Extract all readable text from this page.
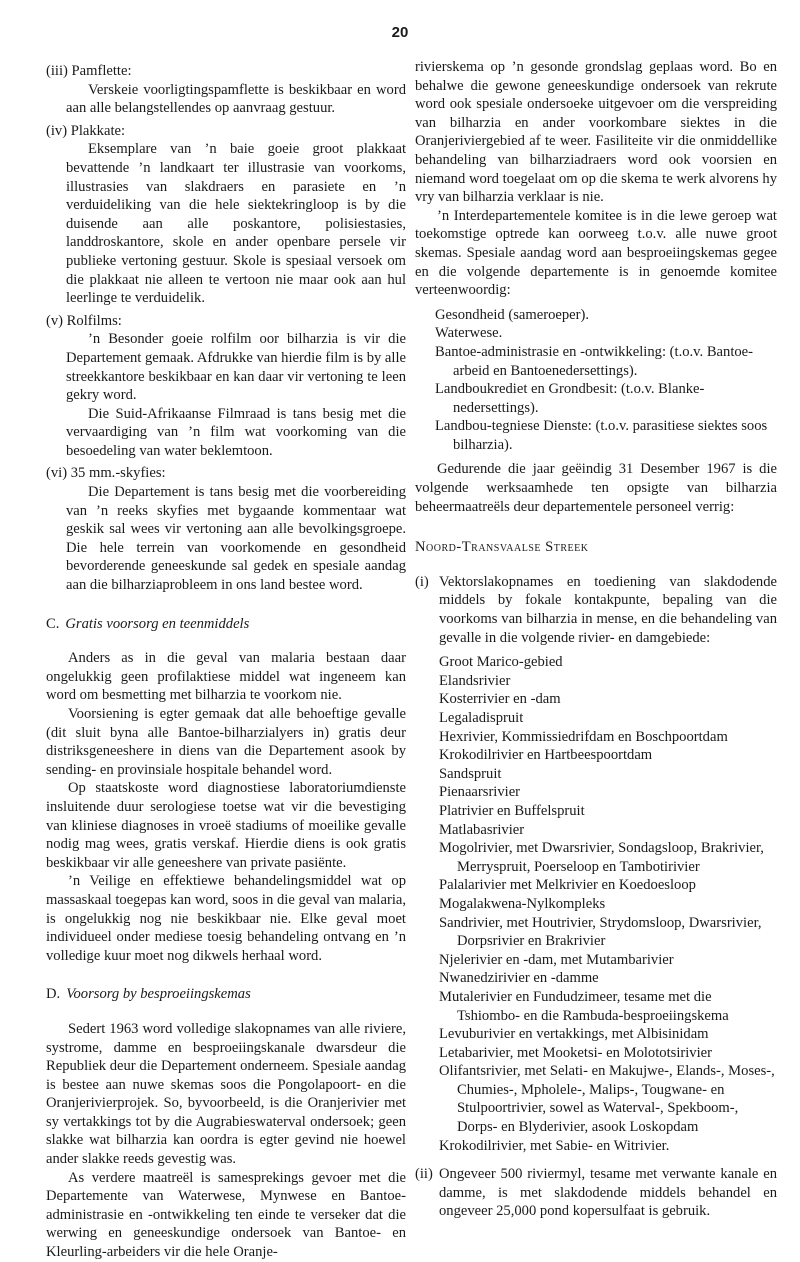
20
(iii) Pamflette:

Verskeie voorligtingspamflette is beskikbaar en word aan alle belangstellendes op aanvraag gestuur.

(iv) Plakkate:

Eksemplare van ’n baie goeie groot plakkaat bevattende ’n landkaart ter illustrasie van voorkoms, illustrasies van slakdraers en parasiete en ’n verduideliking van die hele siektekringloop is by die duisende aan alle poskantore, polisiestasies, landdroskantore, skole en ander openbare persele vir publieke vertoning gestuur. Skole is spesiaal versoek om die plakkaat nie alleen te vertoon nie maar ook aan hul leerlinge te verduidelik.

(v) Rolfilms:

’n Besonder goeie rolfilm oor bilharzia is vir die Departement gemaak. Afdrukke van hierdie film is by alle streekkantore beskikbaar en kan daar vir vertoning te leen gekry word.

Die Suid-Afrikaanse Filmraad is tans besig met die vervaardiging van ’n film wat voorkoming van die besoedeling van water beklemtoon.

(vi) 35 mm.-skyfies:

Die Departement is tans besig met die voorbereiding van ’n reeks skyfies met bygaande kommentaar wat geskik sal wees vir vertoning aan alle bevolkingsgroepe. Die hele terrein van voorkomende en gesondheid bevorderende geneeskunde sal gedek en spesiale aandag aan die bilharziaprobleem in ons land bestee word.

C. Gratis voorsorg en teenmiddels

Anders as in die geval van malaria bestaan daar ongelukkig geen profilaktiese middel wat ingeneem kan word om besmetting met bilharzia te voorkom nie.

Voorsiening is egter gemaak dat alle behoeftige gevalle (dit sluit byna alle Bantoe-bilharzialyers in) gratis deur distriksgeneeshere in diens van die Departement asook by sending- en provinsiale hospitale behandel word.

Op staatskoste word diagnostiese laboratoriumdienste insluitende duur serologiese toetse wat vir die bevestiging van kliniese diagnoses in vroeë stadiums of moeilike gevalle nodig mag wees, gratis verskaf. Hierdie diens is ook gratis beskikbaar vir alle geneeshere van private pasiënte.

’n Veilige en effektiewe behandelingsmiddel wat op massaskaal toegepas kan word, soos in die geval van malaria, is ongelukkig nog nie beskikbaar nie. Elke geval moet individueel onder mediese toesig behandeling ontvang en ’n volledige kuur moet nog dikwels herhaal word.

D. Voorsorg by besproeiingskemas

Sedert 1963 word volledige slakopnames van alle riviere, systrome, damme en besproeiingskanale dwarsdeur die Republiek deur die Departement onderneem. Spesiale aandag is bestee aan nuwe skemas soos die Pongolapoort- en die Oranjerivierprojek. So, byvoorbeeld, is die Oranjerivier met sy vertakkings tot by die Augrabieswaterval ondersoek; geen slakke wat bilharzia kan oordra is egter gevind nie hoewel ander slakke reeds gevestig was.

As verdere maatreël is samesprekings gevoer met die Departemente van Waterwese, Mynwese en Bantoe-administrasie en -ontwikkeling ten einde te verseker dat die werwing en geneeskundige ondersoek van Bantoe- en Kleurling-arbeiders vir die hele Oranje-

rivierskema op ’n gesonde grondslag geplaas word. Bo en behalwe die gewone geneeskundige ondersoek van rekrute word ook spesiale ondersoeke uitgevoer om die verspreiding van bilharzia en ander voorkombare siektes in die Oranjeriviergebied af te weer. Fasiliteite vir die onmiddellike behandeling van bilharziadraers word ook voorsien en niemand word toegelaat om op die skema te werk alvorens hy vry van bilharzia verklaar is nie.

’n Interdepartementele komitee is in die lewe geroep wat toekomstige optrede kan oorweeg t.o.v. alle nuwe groot skemas. Spesiale aandag word aan besproeiingskemas gegee en die volgende departemente is in genoemde komitee verteenwoordig:

Gesondheid (sameroeper).
Waterwese.
Bantoe-administrasie en -ontwikkeling: (t.o.v. Bantoe-arbeid en Bantoenedersettings).
Landboukrediet en Grondbesit: (t.o.v. Blanke-nedersettings).
Landbou-tegniese Dienste: (t.o.v. parasitiese siektes soos bilharzia).

Gedurende die jaar geëindig 31 Desember 1967 is die volgende werksaamhede ten opsigte van bilharzia beheermaatreëls deur departementele personeel verrig:

Noord-Transvaalse Streek
(i) Vektorslakopnames en toediening van slakdodende middels by fokale kontakpunte, bepaling van die voorkoms van bilharzia in mense, en die behandeling van gevalle in die volgende rivier- en damgebiede:

Groot Marico-gebied
Elandsrivier
Kosterrivier en -dam
Legaladispruit
Hexrivier, Kommissiedrifdam en Boschpoortdam
Krokodilrivier en Hartbeespoortdam
Sandspruit
Pienaarsrivier
Platrivier en Buffelspruit
Matlabasrivier
Mogolrivier, met Dwarsrivier, Sondagsloop, Brakrivier, Merryspruit, Poerseloop en Tambotirivier
Palalarivier met Melkrivier en Koedoesloop
Mogalakwena-Nylkompleks
Sandrivier, met Houtrivier, Strydomsloop, Dwarsrivier, Dorpsrivier en Brakrivier
Njelerivier en -dam, met Mutambarivier
Nwanedzirivier en -damme
Mutalerivier en Fundudzimeer, tesame met die Tshiombo- en die Rambuda-besproeiingskema
Levuburivier en vertakkings, met Albisinidam
Letabarivier, met Mooketsi- en Molototsirivier
Olifantsrivier, met Selati- en Makujwe-, Elands-, Moses-, Chumies-, Mpholele-, Malips-, Tougwane- en Stulpoortrivier, sowel as Waterval-, Spekboom-, Dorps- en Blyderivier, asook Loskopdam
Krokodilrivier, met Sabie- en Witrivier.
(ii) Ongeveer 500 riviermyl, tesame met verwante kanale en damme, is met slakdodende middels behandel en ongeveer 25,000 pond kopersulfaat is gebruik.
